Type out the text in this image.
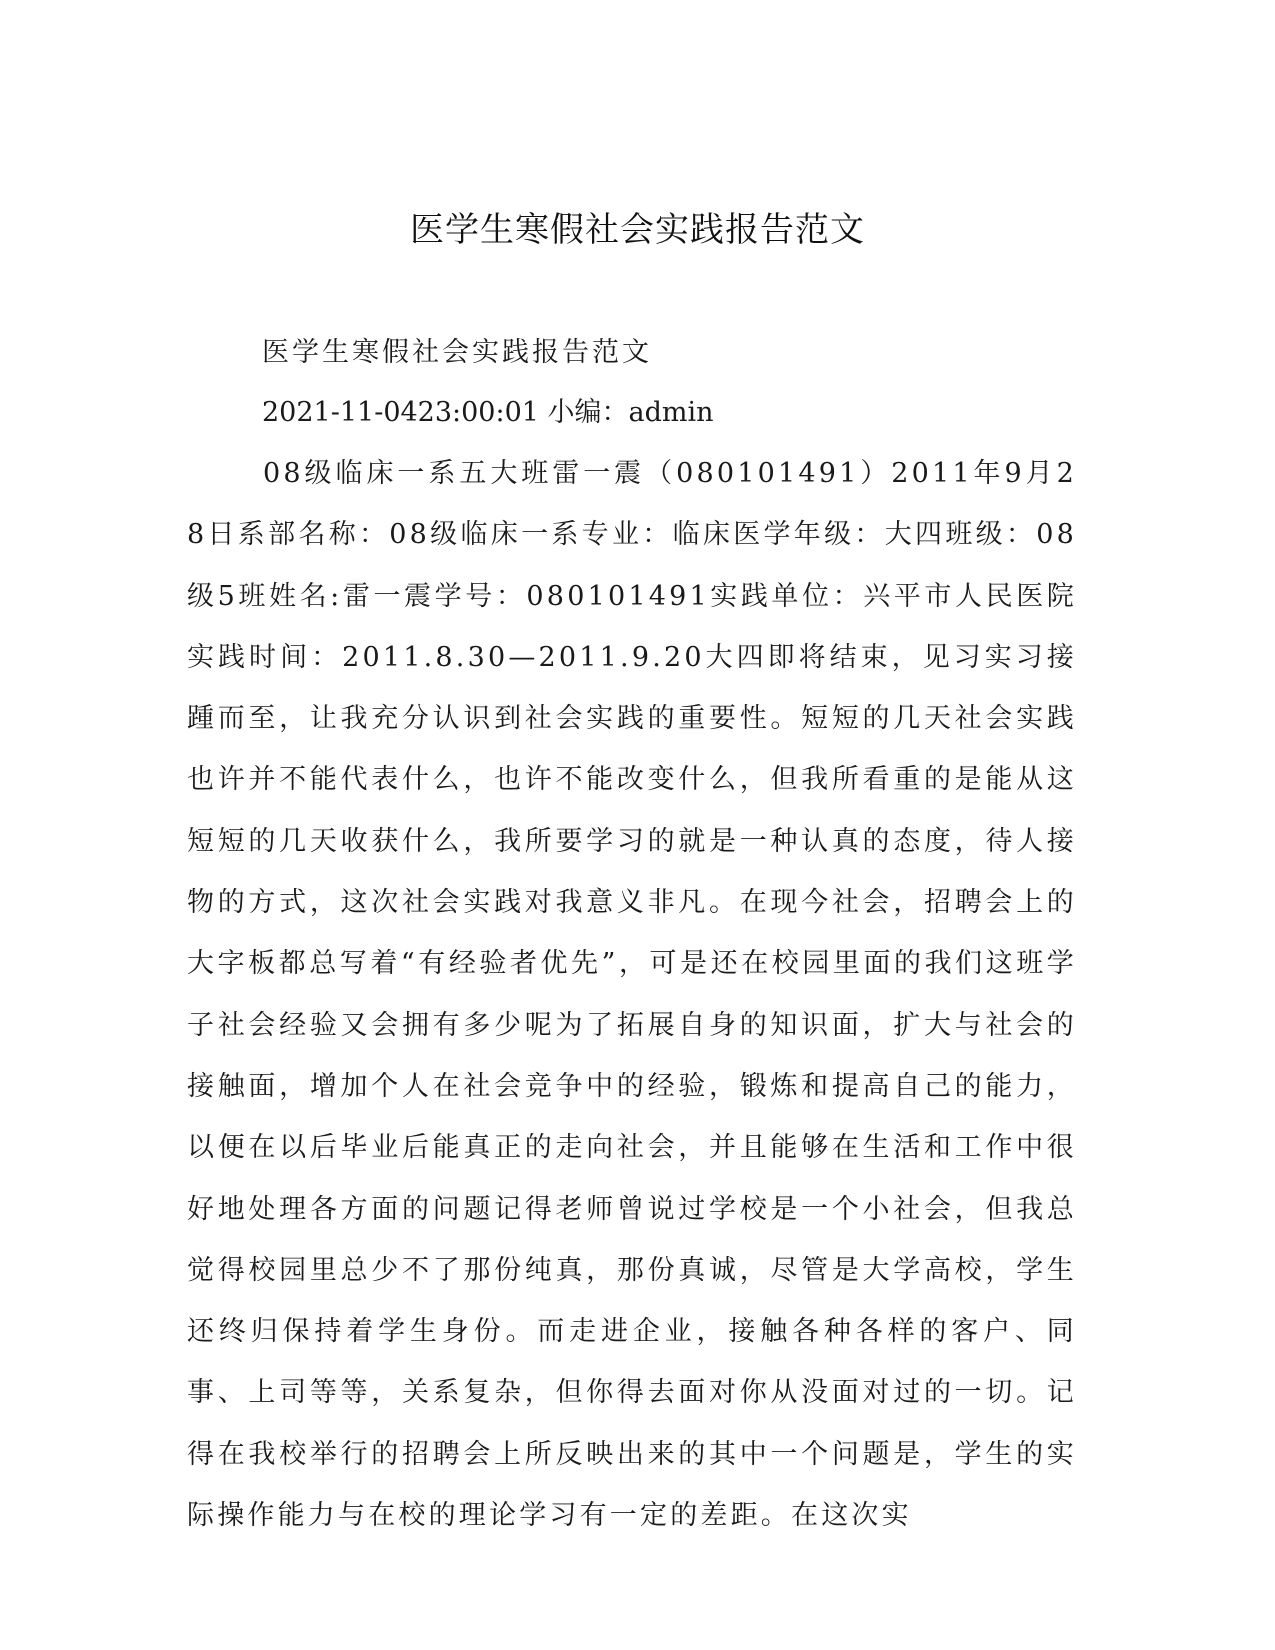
医学生寒假社会实践报告范文
医学生寒假社会实践报告范文
2021-11-0423:00:01 小编：admin

08级临床一系五大班雷一震（080101491）2011年9月28日系部名称：08级临床一系专业：临床医学年级：大四班级：08级5班姓名:雷一震学号：080101491实践单位：兴平市人民医院实践时间：2011.8.30—2011.9.20大四即将结束，见习实习接踵而至，让我充分认识到社会实践的重要性。短短的几天社会实践也许并不能代表什么，也许不能改变什么，但我所看重的是能从这短短的几天收获什么，我所要学习的就是一种认真的态度，待人接物的方式，这次社会实践对我意义非凡。在现今社会，招聘会上的大字板都总写着“有经验者优先”，可是还在校园里面的我们这班学子社会经验又会拥有多少呢为了拓展自身的知识面，扩大与社会的接触面，增加个人在社会竞争中的经验，锻炼和提高自己的能力，以便在以后毕业后能真正的走向社会，并且能够在生活和工作中很好地处理各方面的问题记得老师曾说过学校是一个小社会，但我总觉得校园里总少不了那份纯真，那份真诚，尽管是大学高校，学生还终归保持着学生身份。而走进企业，接触各种各样的客户、同事、上司等等，关系复杂，但你得去面对你从没面对过的一切。记得在我校举行的招聘会上所反映出来的其中一个问题是，学生的实际操作能力与在校的理论学习有一定的差距。在这次实
